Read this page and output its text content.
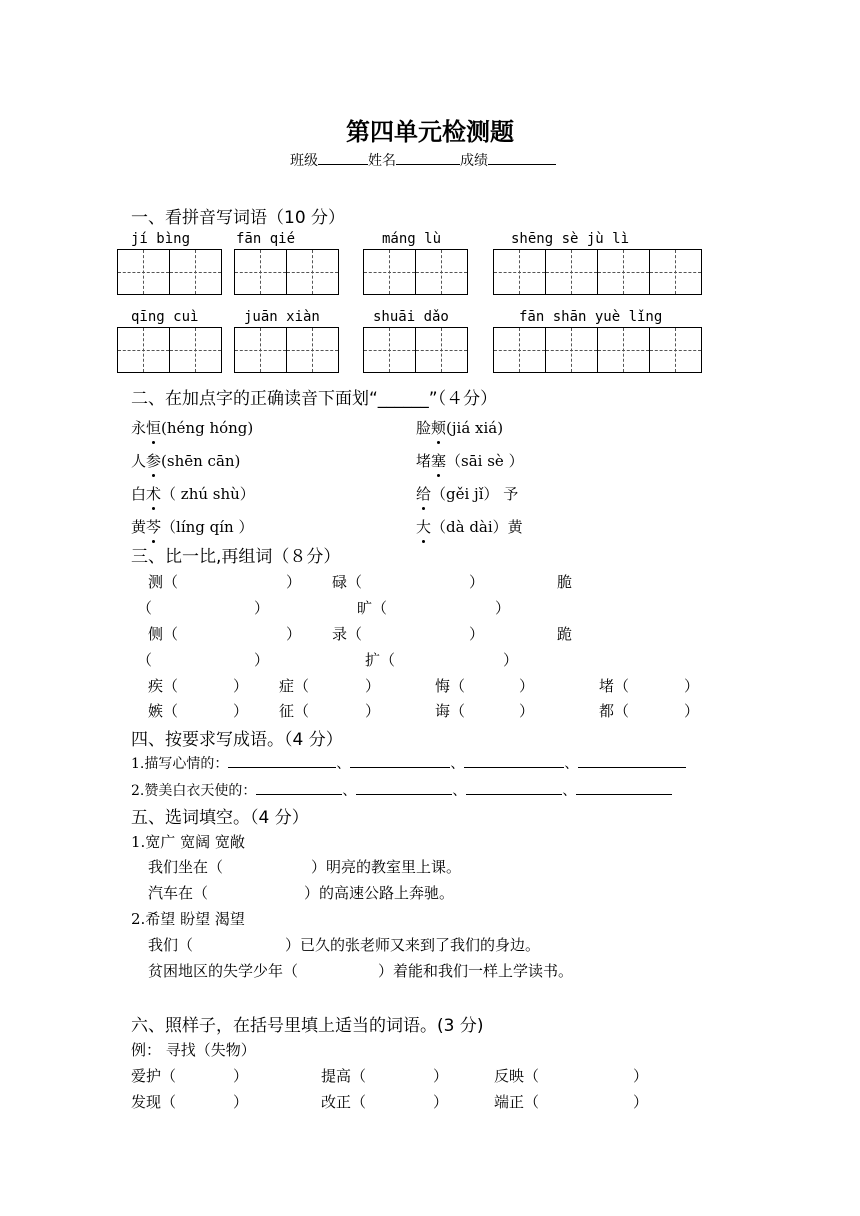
第四单元检测题
班级	姓名	成绩
一、看拼音写词语（10 分）
jí bìng	fān qié	máng lù	shēng sè jù lì
qīng cuì	juān xiàn	shuāi dǎo	fān shān yuè lǐng
二、在加点字的正确读音下面划“______”（４分）
永恒(héng hóng)	脸颊(jiá xiá)
人参(shēn cān)	堵塞（sāi sè ）
白术（ zhú shù）	给（gěi jǐ） 予
黄芩（líng qín ）	大（dà dài）黄
三、比一比,再组词（８分）
测（	） 碌（	）	脆
（	）	旷（	）
侧（	） 录（	）	跪
（	）	扩（	）
疾（	） 症（	）	悔（	）	堵（	）
嫉（	） 征（	）	诲（	）	都（	）
四、按要求写成语。（4 分）
1.描写心情的：	、	、	、
2.赞美白衣天使的：	、	、	、
五、选词填空。（4 分）
1.宽广 宽阔 宽敞
我们坐在（	）明亮的教室里上课。
汽车在（	）的高速公路上奔驰。
2.希望 盼望 渴望
我们（	）已久的张老师又来到了我们的身边。
贫困地区的失学少年（	）着能和我们一样上学读书。
六、照样子，在括号里填上适当的词语。(3 分)
例： 寻找（失物）
爱护（	）	提高（	）	反映（	）
发现（	）	改正（	）	端正（	）
